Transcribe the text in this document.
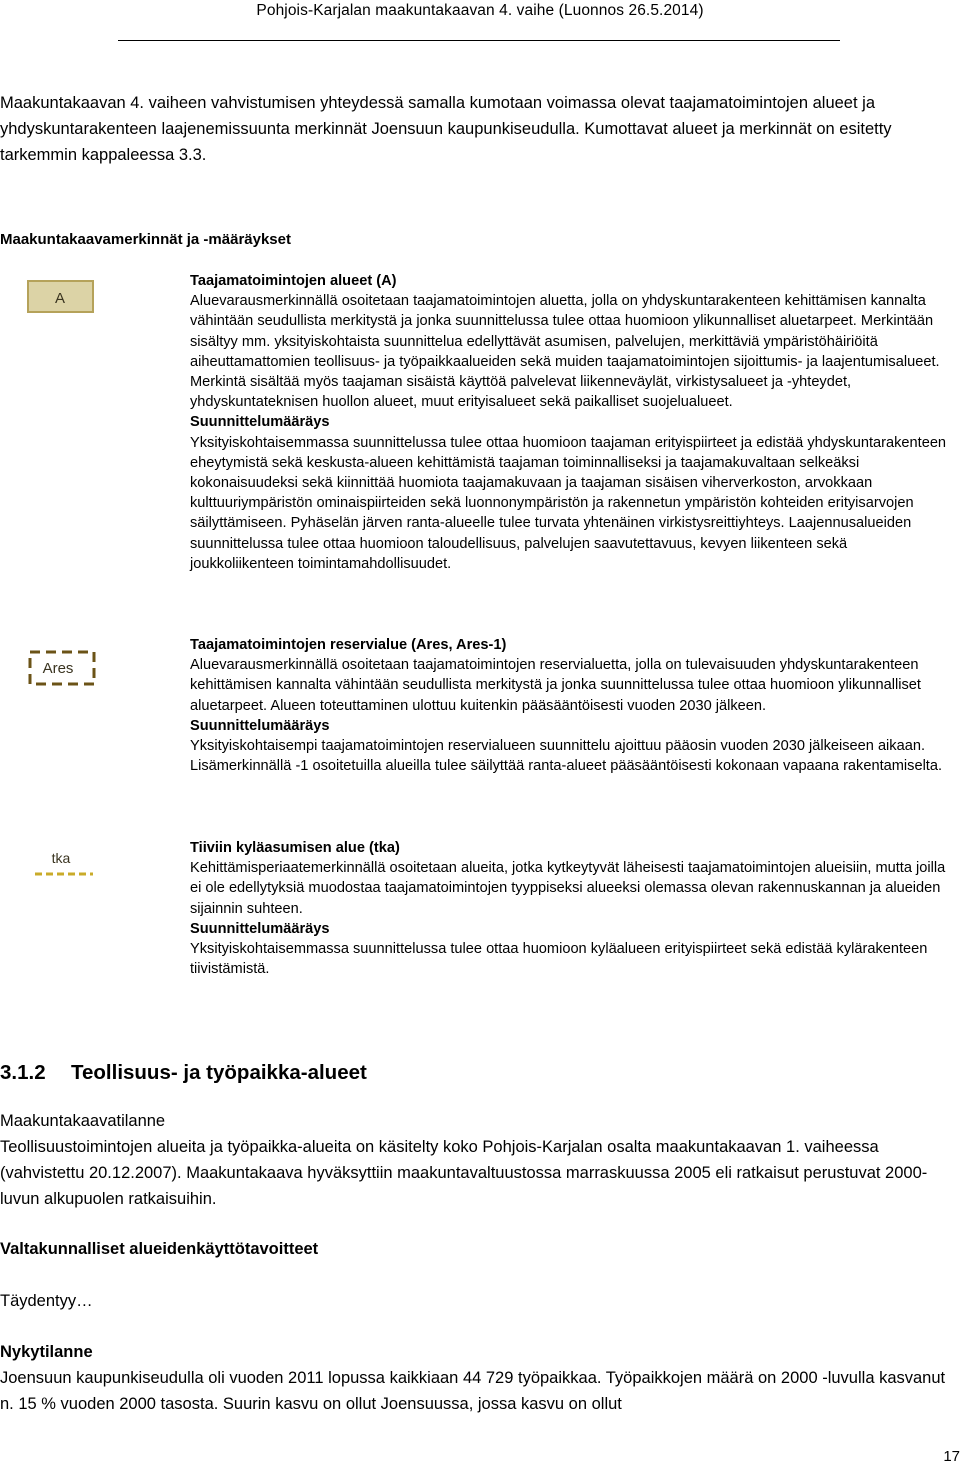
Pohjois-Karjalan maakuntakaavan 4. vaihe (Luonnos 26.5.2014)

Maakuntakaavan 4. vaiheen vahvistumisen yhteydessä samalla kumotaan voimassa olevat taajamatoimintojen alueet ja yhdyskuntarakenteen laajenemissuunta merkinnät Joensuun kaupunkiseudulla. Kumottavat alueet ja merkinnät on esitetty tarkemmin kappaleessa 3.3.

Maakuntakaavamerkinnät ja -määräykset
A

Taajamatoimintojen alueet (A)

Aluevarausmerkinnällä osoitetaan taajamatoimintojen aluetta, jolla on yhdyskuntarakenteen kehittämisen kannalta vähintään seudullista merkitystä ja jonka suunnittelussa tulee ottaa huomioon ylikunnalliset aluetarpeet. Merkintään sisältyy mm. yksityiskohtaista suunnittelua edellyttävät asumisen, palvelujen, merkittäviä ympäristöhäiriöitä aiheuttamattomien teollisuus- ja työpaikkaalueiden sekä muiden taajamatoimintojen sijoittumis- ja laajentumisalueet. Merkintä sisältää myös taajaman sisäistä käyttöä palvelevat liikenneväylät, virkistysalueet ja -yhteydet, yhdyskuntateknisen huollon alueet, muut erityisalueet sekä paikalliset suojelualueet.

Suunnittelumääräys

Yksityiskohtaisemmassa suunnittelussa tulee ottaa huomioon taajaman erityispiirteet ja edistää yhdyskuntarakenteen eheytymistä sekä keskusta-alueen kehittämistä taajaman toiminnalliseksi ja taajamakuvaltaan selkeäksi kokonaisuudeksi sekä kiinnittää huomiota taajamakuvaan ja taajaman sisäisen viherverkoston, arvokkaan kulttuuriympäristön ominaispiirteiden sekä luonnonympäristön ja rakennetun ympäristön kohteiden erityisarvojen säilyttämiseen. Pyhäselän järven ranta-alueelle tulee turvata yhtenäinen virkistysreittiyhteys. Laajennusalueiden suunnittelussa tulee ottaa huomioon taloudellisuus, palvelujen saavutettavuus, kevyen liikenteen sekä joukkoliikenteen toimintamahdollisuudet.

Ares

Taajamatoimintojen reservialue (Ares, Ares-1)

Aluevarausmerkinnällä osoitetaan taajamatoimintojen reservialuetta, jolla on tulevaisuuden yhdyskuntarakenteen kehittämisen kannalta vähintään seudullista merkitystä ja jonka suunnittelussa tulee ottaa huomioon ylikunnalliset aluetarpeet. Alueen toteuttaminen ulottuu kuitenkin pääsääntöisesti vuoden 2030 jälkeen.

Suunnittelumääräys

Yksityiskohtaisempi taajamatoimintojen reservialueen suunnittelu ajoittuu pääosin vuoden 2030 jälkeiseen aikaan. Lisämerkinnällä -1 osoitetuilla alueilla tulee säilyttää ranta-alueet pääsääntöisesti kokonaan vapaana rakentamiselta.

tka

Tiiviin kyläasumisen alue (tka)

Kehittämisperiaatemerkinnällä osoitetaan alueita, jotka kytkeytyvät läheisesti taajamatoimintojen alueisiin, mutta joilla ei ole edellytyksiä muodostaa taajamatoimintojen tyyppiseksi alueeksi olemassa olevan rakennuskannan ja alueiden sijainnin suhteen.

Suunnittelumääräys

Yksityiskohtaisemmassa suunnittelussa tulee ottaa huomioon kyläalueen erityispiirteet sekä edistää kylärakenteen tiivistämistä.

3.1.2 Teollisuus- ja työpaikka-alueet

Maakuntakaavatilanne

Teollisuustoimintojen alueita ja työpaikka-alueita on käsitelty koko Pohjois-Karjalan osalta maakuntakaavan 1. vaiheessa (vahvistettu 20.12.2007). Maakuntakaava hyväksyttiin maakuntavaltuustossa marraskuussa 2005 eli ratkaisut perustuvat 2000-luvun alkupuolen ratkaisuihin.

Valtakunnalliset alueidenkäyttötavoitteet

Täydentyy…

Nykytilanne

Joensuun kaupunkiseudulla oli vuoden 2011 lopussa kaikkiaan 44 729 työpaikkaa. Työpaikkojen määrä on 2000 -luvulla kasvanut n. 15 % vuoden 2000 tasosta. Suurin kasvu on ollut Joensuussa, jossa kasvu on ollut

17
